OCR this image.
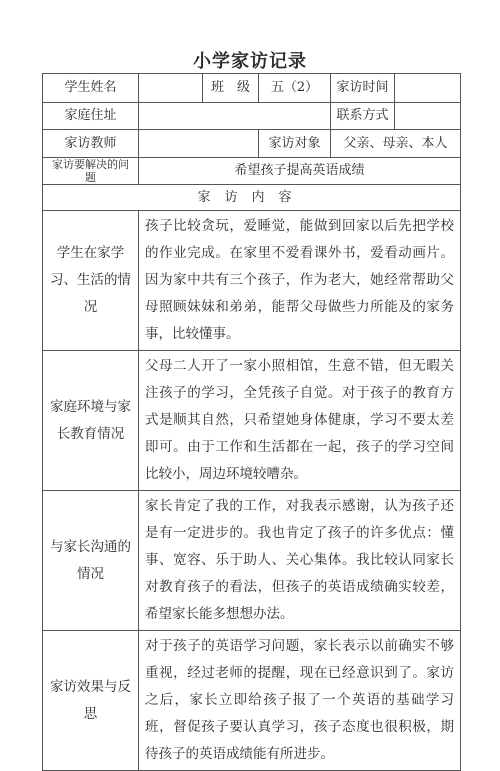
小学家访记录
学生姓名		班　级	五（2）	家访时间	
家庭住址				联系方式	
家访教师			家访对象	父亲、母亲、本人	
家访要解决的问题	希望孩子提高英语成绩				
家访内容					
学生在家学习、生活的情况	孩子比较贪玩，爱睡觉，能做到回家以后先把学校的作业完成。在家里不爱看课外书，爱看动画片。因为家中共有三个孩子，作为老大，她经常帮助父母照顾妹妹和弟弟，能帮父母做些力所能及的家务事，比较懂事。				
家庭环境与家长教育情况	父母二人开了一家小照相馆，生意不错，但无暇关注孩子的学习，全凭孩子自觉。对于孩子的教育方式是顺其自然，只希望她身体健康，学习不要太差即可。由于工作和生活都在一起，孩子的学习空间比较小，周边环境较嘈杂。				
与家长沟通的情况	家长肯定了我的工作，对我表示感谢，认为孩子还是有一定进步的。我也肯定了孩子的许多优点：懂事、宽容、乐于助人、关心集体。我比较认同家长对教育孩子的看法，但孩子的英语成绩确实较差，希望家长能多想想办法。				
家访效果与反思	对于孩子的英语学习问题，家长表示以前确实不够重视，经过老师的提醒，现在已经意识到了。家访之后，家长立即给孩子报了一个英语的基础学习班，督促孩子要认真学习，孩子态度也很积极，期待孩子的英语成绩能有所进步。				
